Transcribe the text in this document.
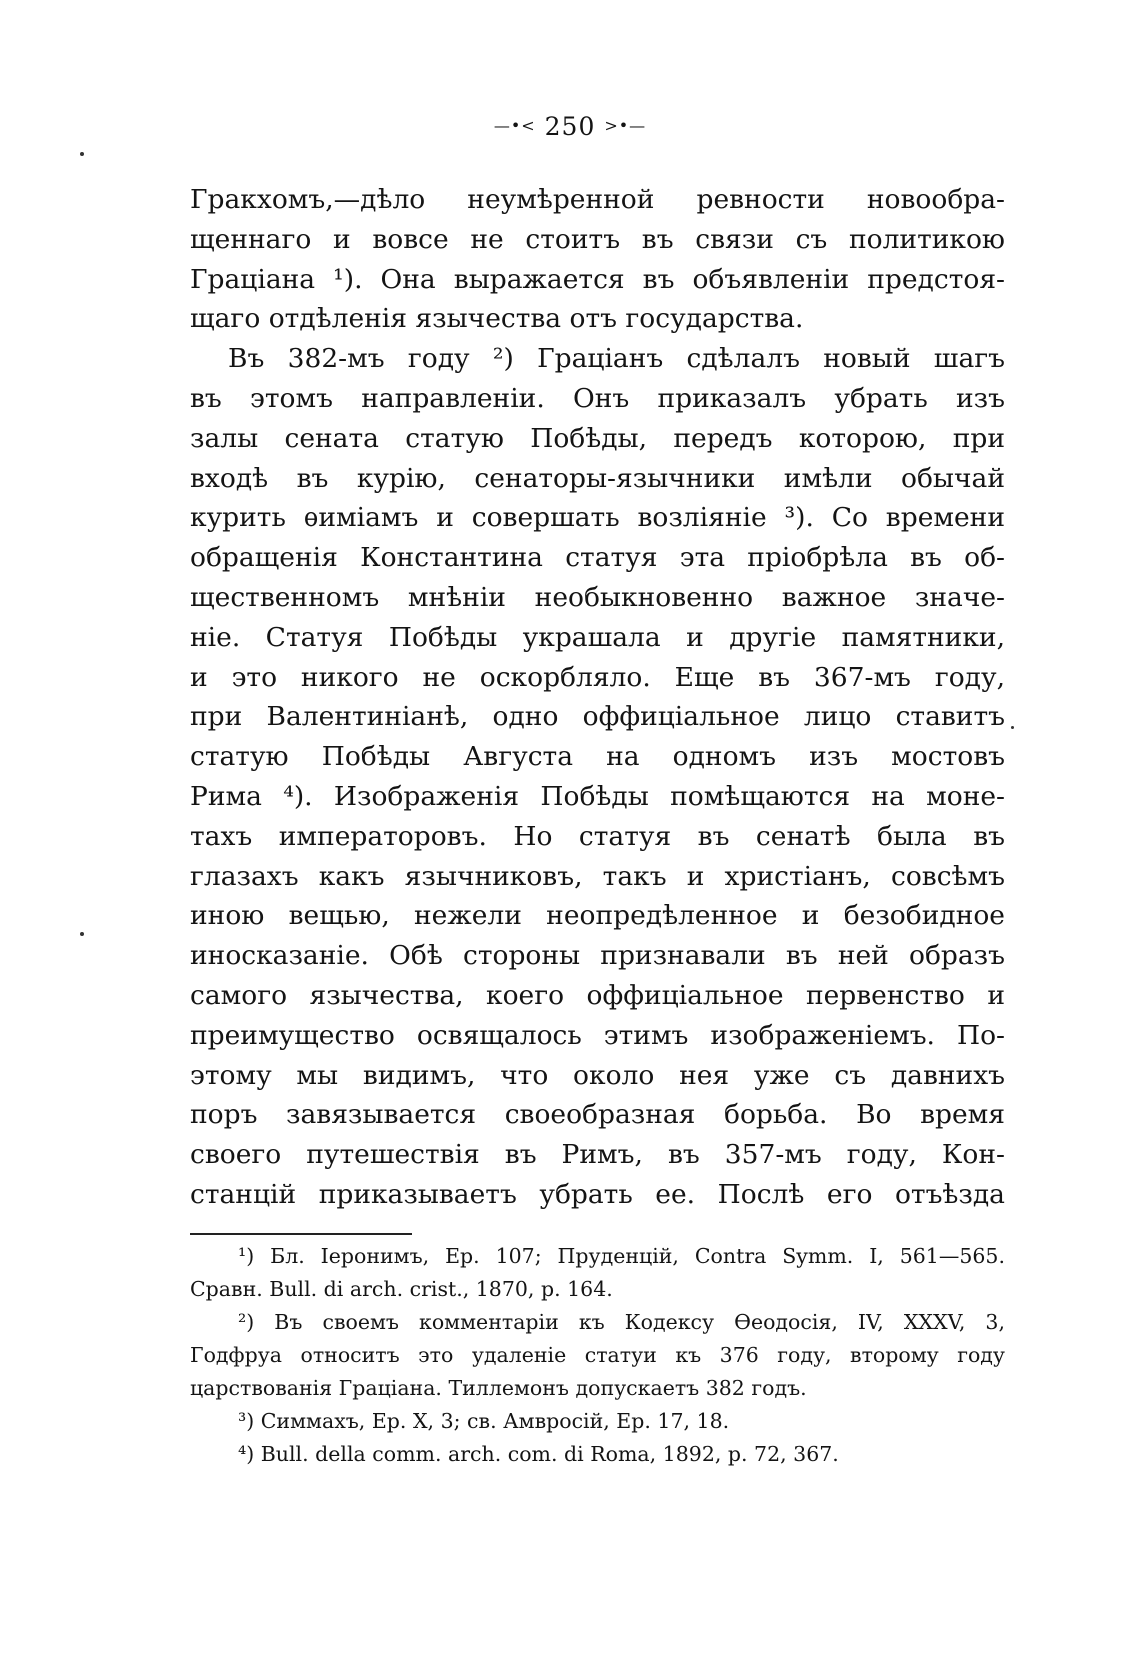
—•< 250 >•—
Гракхомъ,—дѣло неумѣренной ревности новообра-
щеннаго и вовсе не стоитъ въ связи съ политикою
Граціана ¹). Она выражается въ объявленіи предстоя-
щаго отдѣленія язычества отъ государства.
Въ 382-мъ году ²) Граціанъ сдѣлалъ новый шагъ
въ этомъ направленіи. Онъ приказалъ убрать изъ
залы сената статую Побѣды, передъ которою, при
входѣ въ курію, сенаторы-язычники имѣли обычай
курить ѳиміамъ и совершать возліяніе ³). Со времени
обращенія Константина статуя эта пріобрѣла въ об-
щественномъ мнѣніи необыкновенно важное значе-
ніе. Статуя Побѣды украшала и другіе памятники,
и это никого не оскорбляло. Еще въ 367-мъ году,
при Валентиніанѣ, одно оффиціальное лицо ставитъ
статую Побѣды Августа на одномъ изъ мостовъ
Рима ⁴). Изображенія Побѣды помѣщаются на моне-
тахъ императоровъ. Но статуя въ сенатѣ была въ
глазахъ какъ язычниковъ, такъ и христіанъ, совсѣмъ
иною вещью, нежели неопредѣленное и безобидное
иносказаніе. Обѣ стороны признавали въ ней образъ
самого язычества, коего оффиціальное первенство и
преимущество освящалось этимъ изображеніемъ. По-
этому мы видимъ, что около нея уже съ давнихъ
поръ завязывается своеобразная борьба. Во время
своего путешествія въ Римъ, въ 357-мъ году, Кон-
станцій приказываетъ убрать ее. Послѣ его отъѣзда
¹) Бл. Іеронимъ, Ep. 107; Пруденцій, Contra Symm. I, 561—565.
Сравн. Bull. di arch. crist., 1870, p. 164.
²) Въ своемъ комментаріи къ Кодексу Ѳеодосія, IV, XXXV, 3,
Годфруа относитъ это удаленіе статуи къ 376 году, второму году
царствованія Граціана. Тиллемонъ допускаетъ 382 годъ.
³) Симмахъ, Ep. X, 3; св. Амвросій, Ep. 17, 18.
⁴) Bull. della comm. arch. com. di Roma, 1892, p. 72, 367.
